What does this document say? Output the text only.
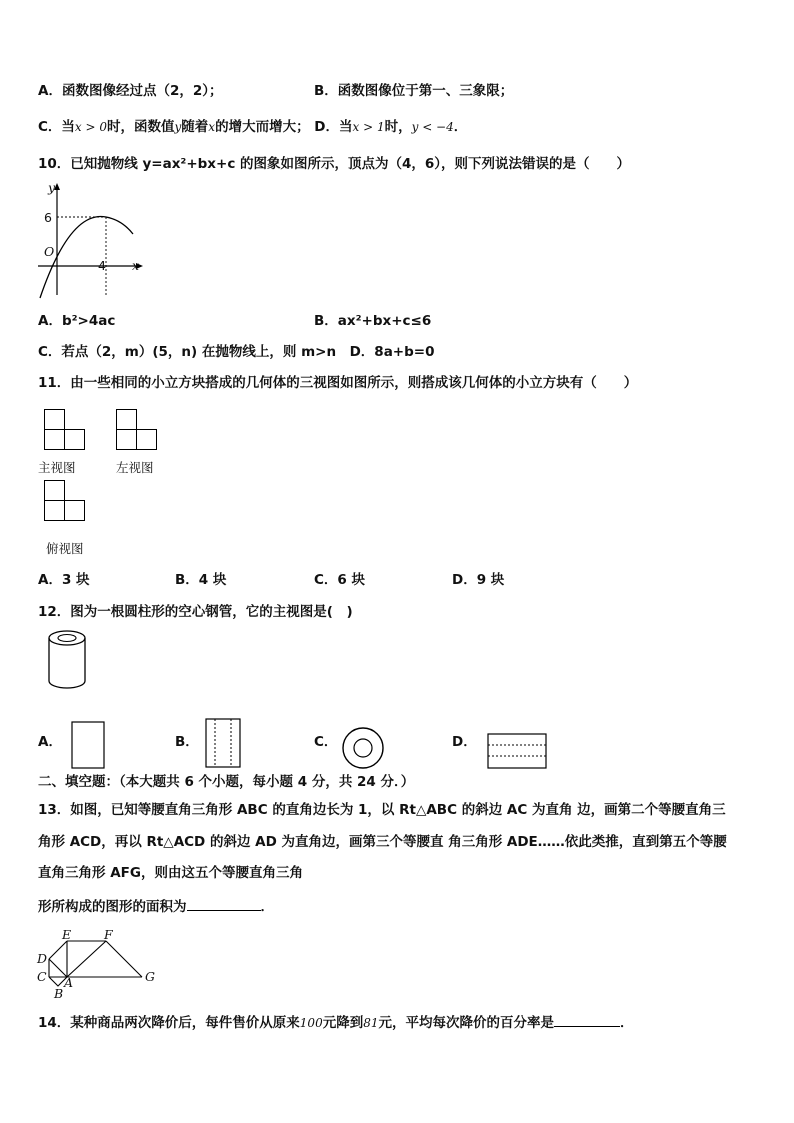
A．函数图像经过点（2，2）；	B．函数图像位于第一、三象限；
C．当x > 0时，函数值y随着x的增大而增大； D．当x > 1时，y < −4．
10．已知抛物线 y=ax²+bx+c 的图象如图所示，顶点为（4，6），则下列说法错误的是（　　）
y
6
O
4 x
A．b²>4ac	B．ax²+bx+c≤6
C．若点（2，m）(5，n) 在抛物线上，则 m>n　D．8a+b=0
11．由一些相同的小立方块搭成的几何体的三视图如图所示，则搭成该几何体的小立方块有（　　）
主视图	左视图
俯视图
A．3 块	B．4 块	C．6 块	D．9 块
12．图为一根圆柱形的空心钢管，它的主视图是(　)
A．	B．	C．	D．
二、填空题：（本大题共 6 个小题，每小题 4 分，共 24 分．）
13．如图，已知等腰直角三角形 ABC 的直角边长为 1，以 Rt△ABC 的斜边 AC 为直角 边，画第二个等腰直角三
角形 ACD，再以 Rt△ACD 的斜边 AD 为直角边，画第三个等腰直 角三角形 ADE……依此类推，直到第五个等腰
直角三角形 AFG，则由这五个等腰直角三角
形所构成的图形的面积为	．
E	F
D
C A
B
G
14．某种商品两次降价后，每件售价从原来100元降到81元，平均每次降价的百分率是	．
